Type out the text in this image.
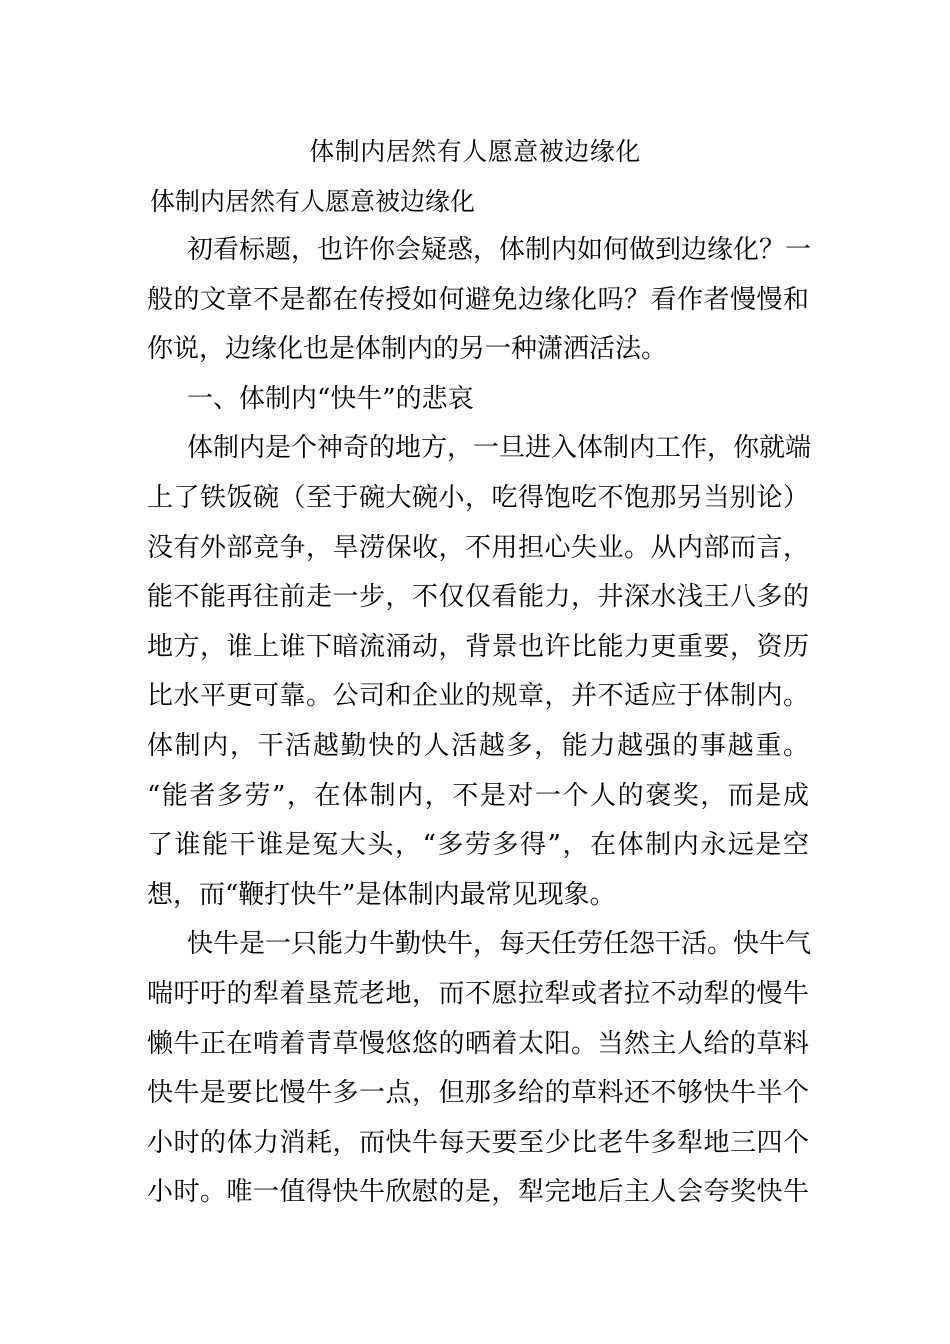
体制内居然有人愿意被边缘化
体制内居然有人愿意被边缘化
初看标题，也许你会疑惑，体制内如何做到边缘化？一
般的文章不是都在传授如何避免边缘化吗？看作者慢慢和
你说，边缘化也是体制内的另一种潇洒活法。
一、体制内“快牛”的悲哀
体制内是个神奇的地方，一旦进入体制内工作，你就端
上了铁饭碗（至于碗大碗小，吃得饱吃不饱那另当别论）
没有外部竞争，旱涝保收，不用担心失业。从内部而言，
能不能再往前走一步，不仅仅看能力，井深水浅王八多的
地方，谁上谁下暗流涌动，背景也许比能力更重要，资历
比水平更可靠。公司和企业的规章，并不适应于体制内。
体制内，干活越勤快的人活越多，能力越强的事越重。
“能者多劳”，在体制内，不是对一个人的褒奖，而是成
了谁能干谁是冤大头，“多劳多得”，在体制内永远是空
想，而“鞭打快牛”是体制内最常见现象。
快牛是一只能力牛勤快牛，每天任劳任怨干活。快牛气
喘吁吁的犁着垦荒老地，而不愿拉犁或者拉不动犁的慢牛
懒牛正在啃着青草慢悠悠的晒着太阳。当然主人给的草料
快牛是要比慢牛多一点，但那多给的草料还不够快牛半个
小时的体力消耗，而快牛每天要至少比老牛多犁地三四个
小时。唯一值得快牛欣慰的是，犁完地后主人会夸奖快牛
